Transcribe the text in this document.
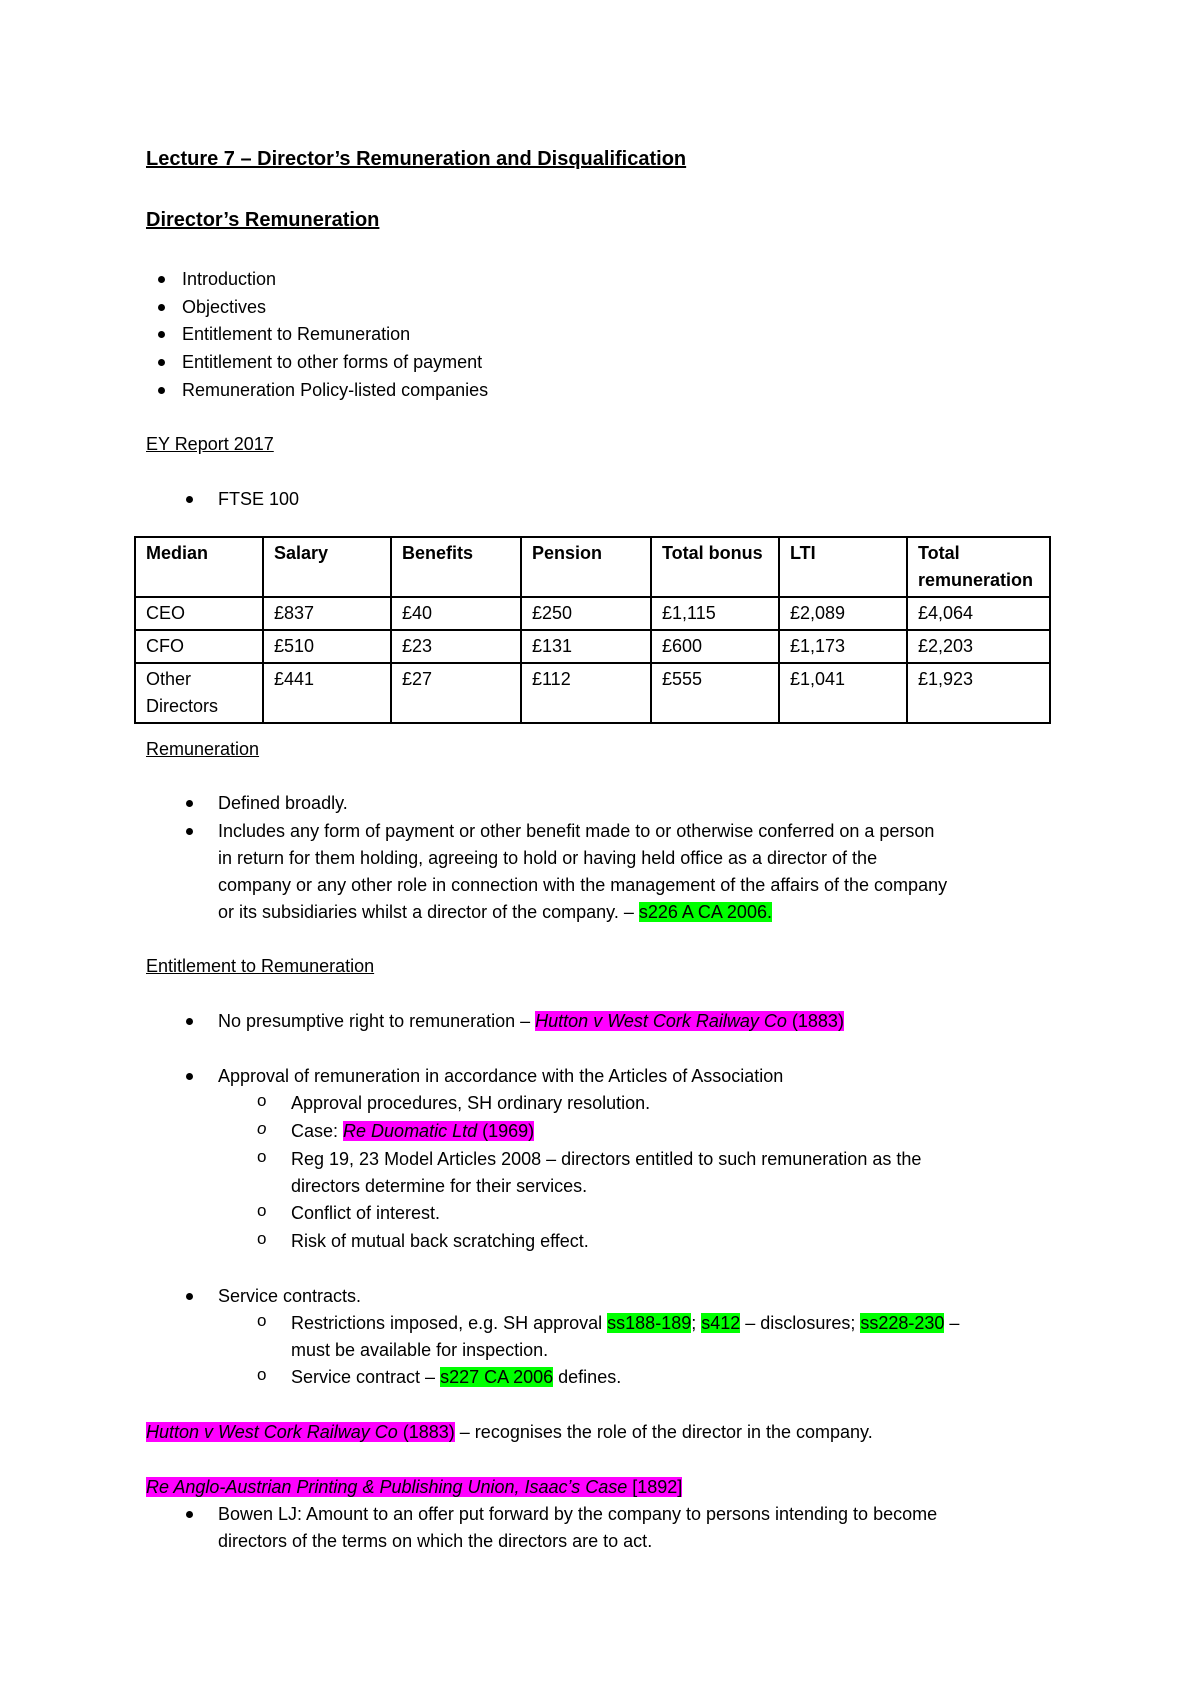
Lecture 7 – Director’s Remuneration and Disqualification
Director’s Remuneration
Introduction
Objectives
Entitlement to Remuneration
Entitlement to other forms of payment
Remuneration Policy-listed companies
EY Report 2017
FTSE 100
Median	Salary	Benefits	Pension	Total bonus	LTI	Total remuneration
CEO	£837	£40	£250	£1,115	£2,089	£4,064
CFO	£510	£23	£131	£600	£1,173	£2,203
Other Directors	£441	£27	£112	£555	£1,041	£1,923
Remuneration
Defined broadly.
Includes any form of payment or other benefit made to or otherwise conferred on a person
in return for them holding, agreeing to hold or having held office as a director of the
company or any other role in connection with the management of the affairs of the company
or its subsidiaries whilst a director of the company. – s226 A CA 2006.
Entitlement to Remuneration
No presumptive right to remuneration – Hutton v West Cork Railway Co (1883)
Approval of remuneration in accordance with the Articles of Association
o Approval procedures, SH ordinary resolution.
o Case: Re Duomatic Ltd (1969)
o Reg 19, 23 Model Articles 2008 – directors entitled to such remuneration as the
directors determine for their services.
o Conflict of interest.
o Risk of mutual back scratching effect.
Service contracts.
o Restrictions imposed, e.g. SH approval ss188-189; s412 – disclosures; ss228-230 –
must be available for inspection.
o Service contract – s227 CA 2006 defines.
Hutton v West Cork Railway Co (1883) – recognises the role of the director in the company.
Re Anglo-Austrian Printing & Publishing Union, Isaac’s Case [1892]
Bowen LJ: Amount to an offer put forward by the company to persons intending to become
directors of the terms on which the directors are to act.
